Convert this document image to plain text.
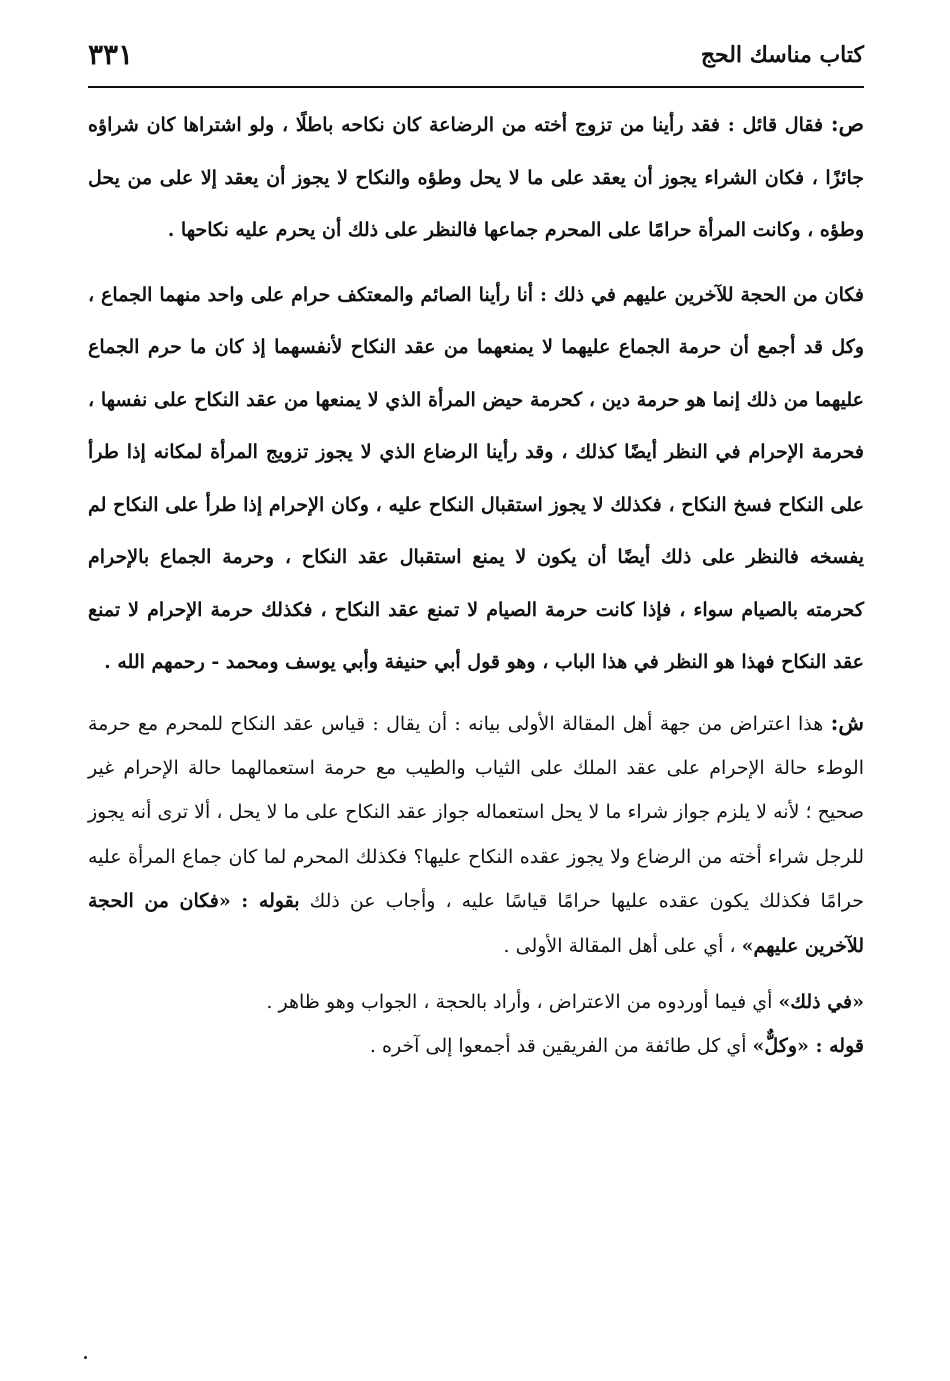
كتاب مناسك الحج
٣٣١

ص: فقال قائل : فقد رأينا من تزوج أخته من الرضاعة كان نكاحه باطلًا ، ولو اشتراها كان شراؤه جائزًا ، فكان الشراء يجوز أن يعقد على ما لا يحل وطؤه والنكاح لا يجوز أن يعقد إلا على من يحل وطؤه ، وكانت المرأة حرامًا على المحرم جماعها فالنظر على ذلك أن يحرم عليه نكاحها .

فكان من الحجة للآخرين عليهم في ذلك : أنا رأينا الصائم والمعتكف حرام على واحد منهما الجماع ، وكل قد أجمع أن حرمة الجماع عليهما لا يمنعهما من عقد النكاح لأنفسهما إذ كان ما حرم الجماع عليهما من ذلك إنما هو حرمة دين ، كحرمة حيض المرأة الذي لا يمنعها من عقد النكاح على نفسها ، فحرمة الإحرام في النظر أيضًا كذلك ، وقد رأينا الرضاع الذي لا يجوز تزويج المرأة لمكانه إذا طرأ على النكاح فسخ النكاح ، فكذلك لا يجوز استقبال النكاح عليه ، وكان الإحرام إذا طرأ على النكاح لم يفسخه فالنظر على ذلك أيضًا أن يكون لا يمنع استقبال عقد النكاح ، وحرمة الجماع بالإحرام كحرمته بالصيام سواء ، فإذا كانت حرمة الصيام لا تمنع عقد النكاح ، فكذلك حرمة الإحرام لا تمنع عقد النكاح فهذا هو النظر في هذا الباب ، وهو قول أبي حنيفة وأبي يوسف ومحمد - رحمهم الله .

ش: هذا اعتراض من جهة أهل المقالة الأولى بيانه : أن يقال : قياس عقد النكاح للمحرم مع حرمة الوطء حالة الإحرام على عقد الملك على الثياب والطيب مع حرمة استعمالهما حالة الإحرام غير صحيح ؛ لأنه لا يلزم جواز شراء ما لا يحل استعماله جواز عقد النكاح على ما لا يحل ، ألا ترى أنه يجوز للرجل شراء أخته من الرضاع ولا يجوز عقده النكاح عليها؟ فكذلك المحرم لما كان جماع المرأة عليه حرامًا فكذلك يكون عقده عليها حرامًا قياسًا عليه ، وأجاب عن ذلك بقوله : «فكان من الحجة للآخرين عليهم» ، أي على أهل المقالة الأولى .

«في ذلك» أي فيما أوردوه من الاعتراض ، وأراد بالحجة ، الجواب وهو ظاهر .

قوله : «وكلٌّ» أي كل طائفة من الفريقين قد أجمعوا إلى آخره .
